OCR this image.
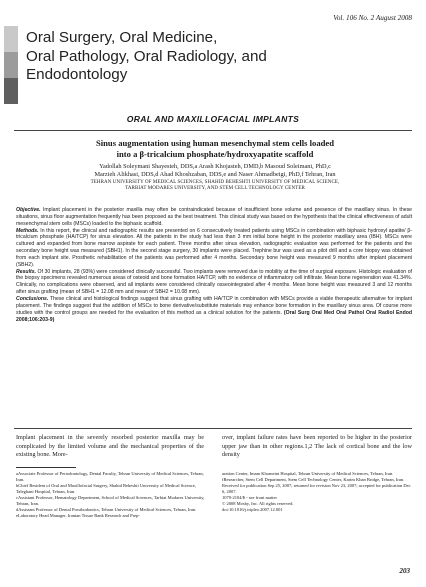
Vol. 106 No. 2 August 2008
Oral Surgery, Oral Medicine,
Oral Pathology, Oral Radiology, and
Endodontology
ORAL AND MAXILLOFACIAL IMPLANTS
Sinus augmentation using human mesenchymal stem cells loaded
into a β-tricalcium phosphate/hydroxyapatite scaffold
Yadollah Soleymani Shayesteh, DDS,a Arash Khojasteh, DMD,b Masoud Soleimani, PhD,c
Marzieh Alikhasi, DDS,d Ahad Khoshzaban, DDS,e and Naser Ahmadbeigi, PhD,f Tehran, Iran
TEHRAN UNIVERSITY OF MEDICAL SCIENCES, SHAHID BEHESHTI UNIVERSITY OF MEDICAL SCIENCE,
TARBIAT MODARES UNIVERSITY, AND STEM CELL TECHNOLOGY CENTER

Objective. Implant placement in the posterior maxilla may often be contraindicated because of insufficient bone volume and presence of the maxillary sinus. In these situations, sinus floor augmentation frequently has been proposed as the best treatment. This clinical study was based on the hypothesis that the clinical effectiveness of adult mesenchymal stem cells (MSCs) loaded to the biphasic scaffold.

Methods. In this report, the clinical and radiographic results are presented on 6 consecutively treated patients using MSCs in combination with biphasic hydroxyl apatite/ β-tricalcium phosphate (HA/TCP) for sinus elevation. All the patients in the study had less than 3 mm initial bone height in the posterior maxillary area (IBH). MSCs were cultured and expanded from bone marrow aspirate for each patient. Three months after sinus elevation, radiographic evaluation was performed for the patients and the secondary bone height was measured (SBH1). In the second stage surgery, 30 implants were placed. Trephine bur was used as a pilot drill and a core biopsy was obtained from each implant site. Prosthetic rehabilitation of the patients was performed after 4 months. Secondary bone height was measured 9 months after implant placement (SBH2).

Results. Of 30 implants, 28 (93%) were considered clinically successful. Two implants were removed due to mobility at the time of surgical exposure. Histologic evaluation of the biopsy specimens revealed numerous areas of osteoid and bone formation HA/TCP, with no evidence of inflammatory cell infiltrate. Mean bone regeneration was 41.34%. Clinically, no complications were observed, and all implants were considered clinically osseointegrated after 4 months. Mean bone height was measured 3 and 12 months after sinus grafting (mean of SBH1 = 12.08 mm and mean of SBH2 = 10.08 mm).

Conclusions. These clinical and histological findings suggest that sinus grafting with HA/TCP in combination with MSCs provide a viable therapeutic alternative for implant placement. The findings suggest that the addition of MSCs to bone derivative/substitute materials may enhance bone formation in the maxillary sinus area. Of course more studies with the control groups are needed for the evaluation of this method as a clinical solution for the patients. (Oral Surg Oral Med Oral Pathol Oral Radiol Endod 2008;106:203-9)

Implant placement in the severely resorbed posterior maxilla may be complicated by the limited volume and the mechanical properties of the existing bone. More-
over, implant failure rates have been reported to be higher in the posterior upper jaw than in other regions.1,2 The lack of cortical bone and the low density

aAssociate Professor of Periodontology, Dental Faculty, Tehran University of Medical Sciences, Tehran, Iran.

bChief Resident of Oral and Maxillofacial Surgery, Shahid Beheshti University of Medical Science, Taleghani Hospital, Tehran, Iran.

cAssistant Professor, Hematology Department, School of Medical Sciences, Tarbiat Modares University, Tehran, Iran.

dAssistant Professor of Dental Prosthodontics, Tehran University of Medical Sciences, Tehran, Iran.

eLaboratory Head Manager, Iranian Tissue Bank Research and Prep-

aration Center, Imam Khomeini Hospital, Tehran University of Medical Sciences, Tehran, Iran.

fResearcher, Stem Cell Department, Stem Cell Technology Center, Karim Khan Bridge, Tehran, Iran.

Received for publication Sep 25, 2007; returned for revision Nov 23, 2007; accepted for publication Dec 6, 2007.

1079-2104/$ - see front matter

© 2008 Mosby, Inc. All rights reserved.

doi:10.1016/j.tripleo.2007.12.001

203
